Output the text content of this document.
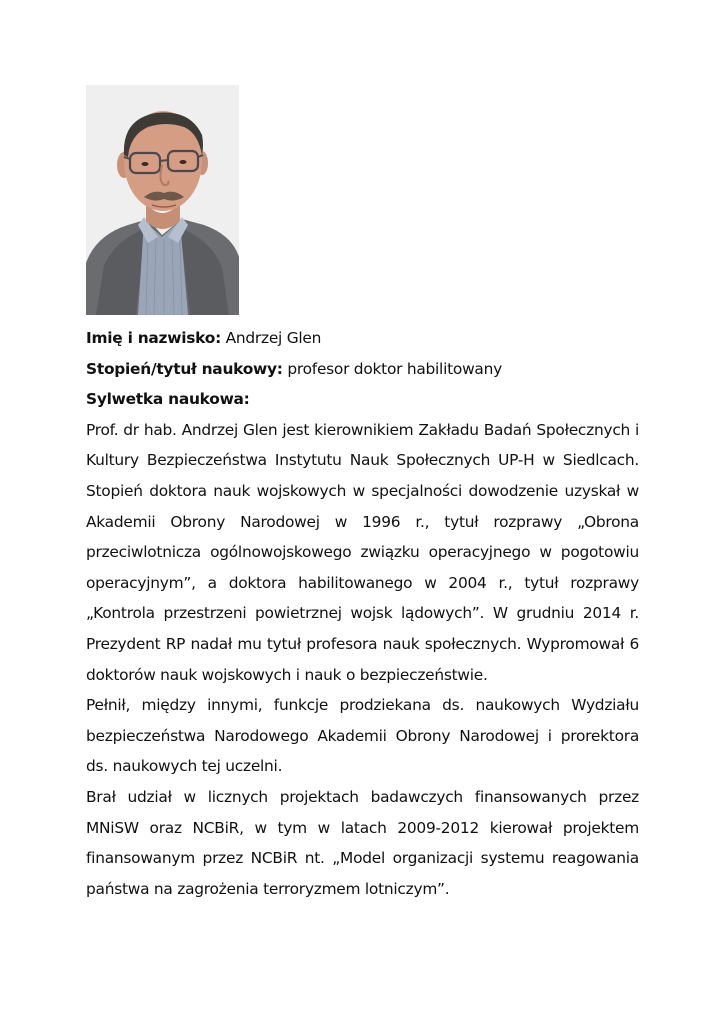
Imię i nazwisko: Andrzej Glen

Stopień/tytuł naukowy: profesor doktor habilitowany

Sylwetka naukowa:

Prof. dr hab. Andrzej Glen jest kierownikiem Zakładu Badań Społecznych i Kultury Bezpieczeństwa Instytutu Nauk Społecznych UP-H w Siedlcach. Stopień doktora nauk wojskowych w specjalności dowodzenie uzyskał w Akademii Obrony Narodowej w 1996 r., tytuł rozprawy „Obrona przeciwlotnicza ogólnowojskowego związku operacyjnego w pogotowiu operacyjnym”, a doktora habilitowanego w 2004 r., tytuł rozprawy „Kontrola przestrzeni powietrznej wojsk lądowych”. W grudniu 2014 r. Prezydent RP nadał mu tytuł profesora nauk społecznych. Wypromował 6 doktorów nauk wojskowych i nauk o bezpieczeństwie.

Pełnił, między innymi, funkcje prodziekana ds. naukowych Wydziału bezpieczeństwa Narodowego Akademii Obrony Narodowej i prorektora ds. naukowych tej uczelni.

Brał udział w licznych projektach badawczych finansowanych przez MNiSW oraz NCBiR, w tym w latach 2009-2012 kierował projektem finansowanym przez NCBiR nt. „Model organizacji systemu reagowania państwa na zagrożenia terroryzmem lotniczym”.
